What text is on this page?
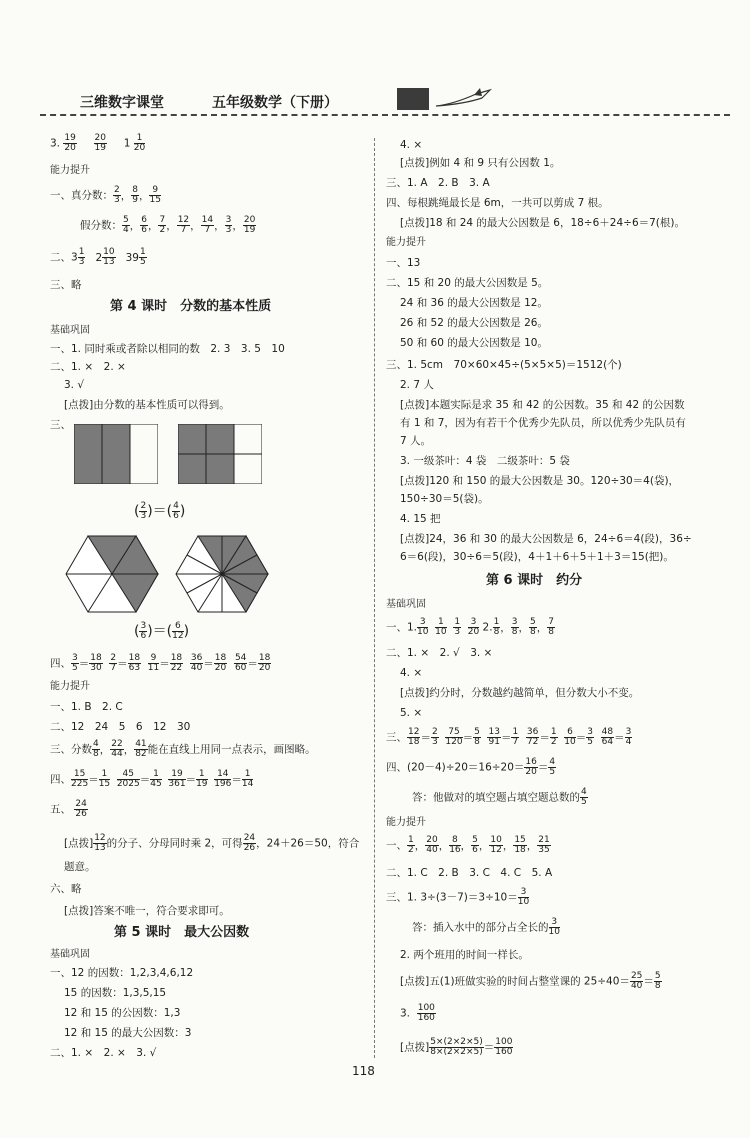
三维数字课堂	五年级数学（下册）
3. $\frac{19}{20}$
$\frac{20}{19} 1 \frac{1}{20}$
能力提升
一、真分数： $\frac{2}{3}$ ， $\frac{8}{9}$ ， $\frac{9}{15}$
假分数： $\frac{5}{4}$ ， $\frac{6}{6}$ ， $\frac{7}{2}$ ， $\frac{12}{7}$ ， $\frac{14}{7}$ ， $\frac{3}{3}$ ， $\frac{20}{19}$
二、$3 \frac{1}{3} 2 \frac{10}{13} 39 \frac{1}{5}$
三、略
第 4 课时　分数的基本性质
基础巩固
一、1. 同时乘或者除以相同的数　2. 3　3. 5　10
二、1. ×　2. ×
3. √
[点拨]由分数的基本性质可以得到。
三、
( $\frac{2}{3}$ )＝( $\frac{4}{6}$ )
( $\frac{3}{6}$ )＝( $\frac{6}{12}$ )
四、 $\frac{3}{5} = \frac{18}{30}$
$\frac{2}{7} = \frac{18}{63}$
$\frac{9}{11} = \frac{18}{22}$
$\frac{36}{40} = \frac{18}{20}$
$\frac{54}{60} = \frac{18}{20}$
能力提升
一、1. B　2. C
二、12　24　5　6　12　30
三、分数 $\frac{4}{8}$ ， $\frac{22}{44}$ ， $\frac{41}{82}$ 能在直线上用同一点表示，画图略。
四、 $\frac{15}{225} = \frac{1}{15}$
$\frac{45}{2025} = \frac{1}{45}$
$\frac{19}{361} = \frac{1}{19}$
$\frac{14}{196} = \frac{1}{14}$
五、 $\frac{24}{26}$
[点拨] $\frac{12}{13}$ 的分子、分母同时乘 2，可得 $\frac{24}{26}$ ，24＋26＝50，符合
题意。
六、略
[点拨]答案不唯一，符合要求即可。
第 5 课时　最大公因数
基础巩固
一、12 的因数：1,2,3,4,6,12
15 的因数：1,3,5,15
12 和 15 的公因数：1,3
12 和 15 的最大公因数：3
二、1. ×　2. ×　3. √
4. ×
[点拨]例如 4 和 9 只有公因数 1。
三、1. A　2. B　3. A
四、每根跳绳最长是 6m，一共可以剪成 7 根。
[点拨]18 和 24 的最大公因数是 6，18÷6＋24÷6＝7(根)。
能力提升
一、13
二、15 和 20 的最大公因数是 5。
24 和 36 的最大公因数是 12。
26 和 52 的最大公因数是 26。
50 和 60 的最大公因数是 10。
三、1. 5cm　70×60×45÷(5×5×5)＝1512(个)
2. 7 人
[点拨]本题实际是求 35 和 42 的公因数。35 和 42 的公因数
有 1 和 7，因为有若干个优秀少先队员，所以优秀少先队员有
7 人。
3. 一级茶叶：4 袋　二级茶叶：5 袋
[点拨]120 和 150 的最大公因数是 30。120÷30＝4(袋)，
150÷30＝5(袋)。
4. 15 把
[点拨]24，36 和 30 的最大公因数是 6，24÷6＝4(段)，36÷
6＝6(段)，30÷6＝5(段)，4＋1＋6＋5＋1＋3＝15(把)。
第 6 课时　约分
基础巩固
一、1. $\frac{3}{10}$
$\frac{1}{10}$
$\frac{1}{3}$
$\frac{3}{20} 2$. $\frac{1}{8}$ ， $\frac{3}{8}$ ， $\frac{5}{8}$ ， $\frac{7}{8}$
二、1. ×　2. √　3. ×
4. ×
[点拨]约分时，分数越约越简单，但分数大小不变。
5. ×
三、 $\frac{12}{18} = \frac{2}{3}$
$\frac{75}{120} = \frac{5}{8}$
$\frac{13}{91} = \frac{1}{7}$
$\frac{36}{72} = \frac{1}{2}$
$\frac{6}{10} = \frac{3}{5}$
$\frac{48}{64} = \frac{3}{4}$
四、$(20-4)\div 20=16\div 20= \frac{16}{20} = \frac{4}{5}$
答：他做对的填空题占填空题总数的 $\frac{4}{5}$
能力提升
一、 $\frac{1}{2}$ ， $\frac{20}{40}$ ， $\frac{8}{16}$ ， $\frac{5}{6}$ ， $\frac{10}{12}$ ， $\frac{15}{18}$ ， $\frac{21}{35}$
二、1. C　2. B　3. C　4. C　5. A
三、1. $3\div(3-7)=3\div 10= \frac{3}{10}$
答：插入水中的部分占全长的 $\frac{3}{10}$
2. 两个班用的时间一样长。
[点拨]五(1)班做实验的时间占整堂课的 $25\div 40= \frac{25}{40} = \frac{5}{8}$
3. $\frac{100}{160}$
[点拨] $\frac{5\times(2\times 2\times 5)}{8\times(2\times 2\times 5)} = \frac{100}{160}$
118
